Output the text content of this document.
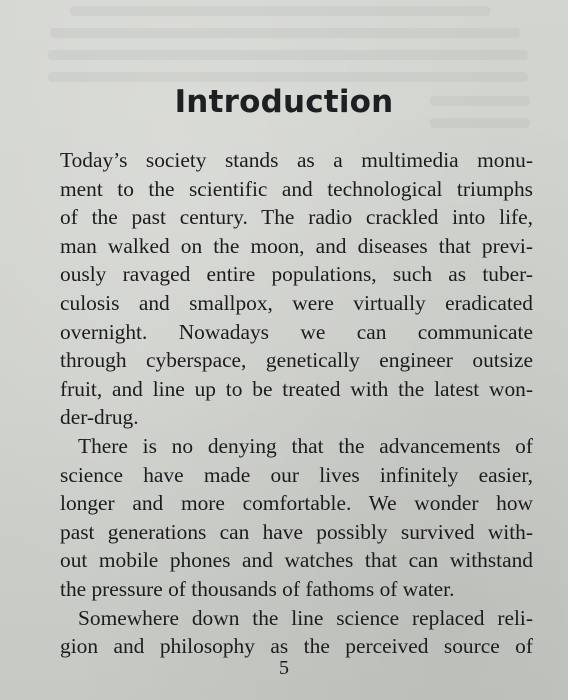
Introduction
Today’s society stands as a multimedia monu-
ment to the scientific and technological triumphs
of the past century. The radio crackled into life,
man walked on the moon, and diseases that previ-
ously ravaged entire populations, such as tuber-
culosis and smallpox, were virtually eradicated
overnight. Nowadays we can communicate
through cyberspace, genetically engineer outsize
fruit, and line up to be treated with the latest won-
der-drug.
There is no denying that the advancements of
science have made our lives infinitely easier,
longer and more comfortable. We wonder how
past generations can have possibly survived with-
out mobile phones and watches that can withstand
the pressure of thousands of fathoms of water.
Somewhere down the line science replaced reli-
gion and philosophy as the perceived source of
5
